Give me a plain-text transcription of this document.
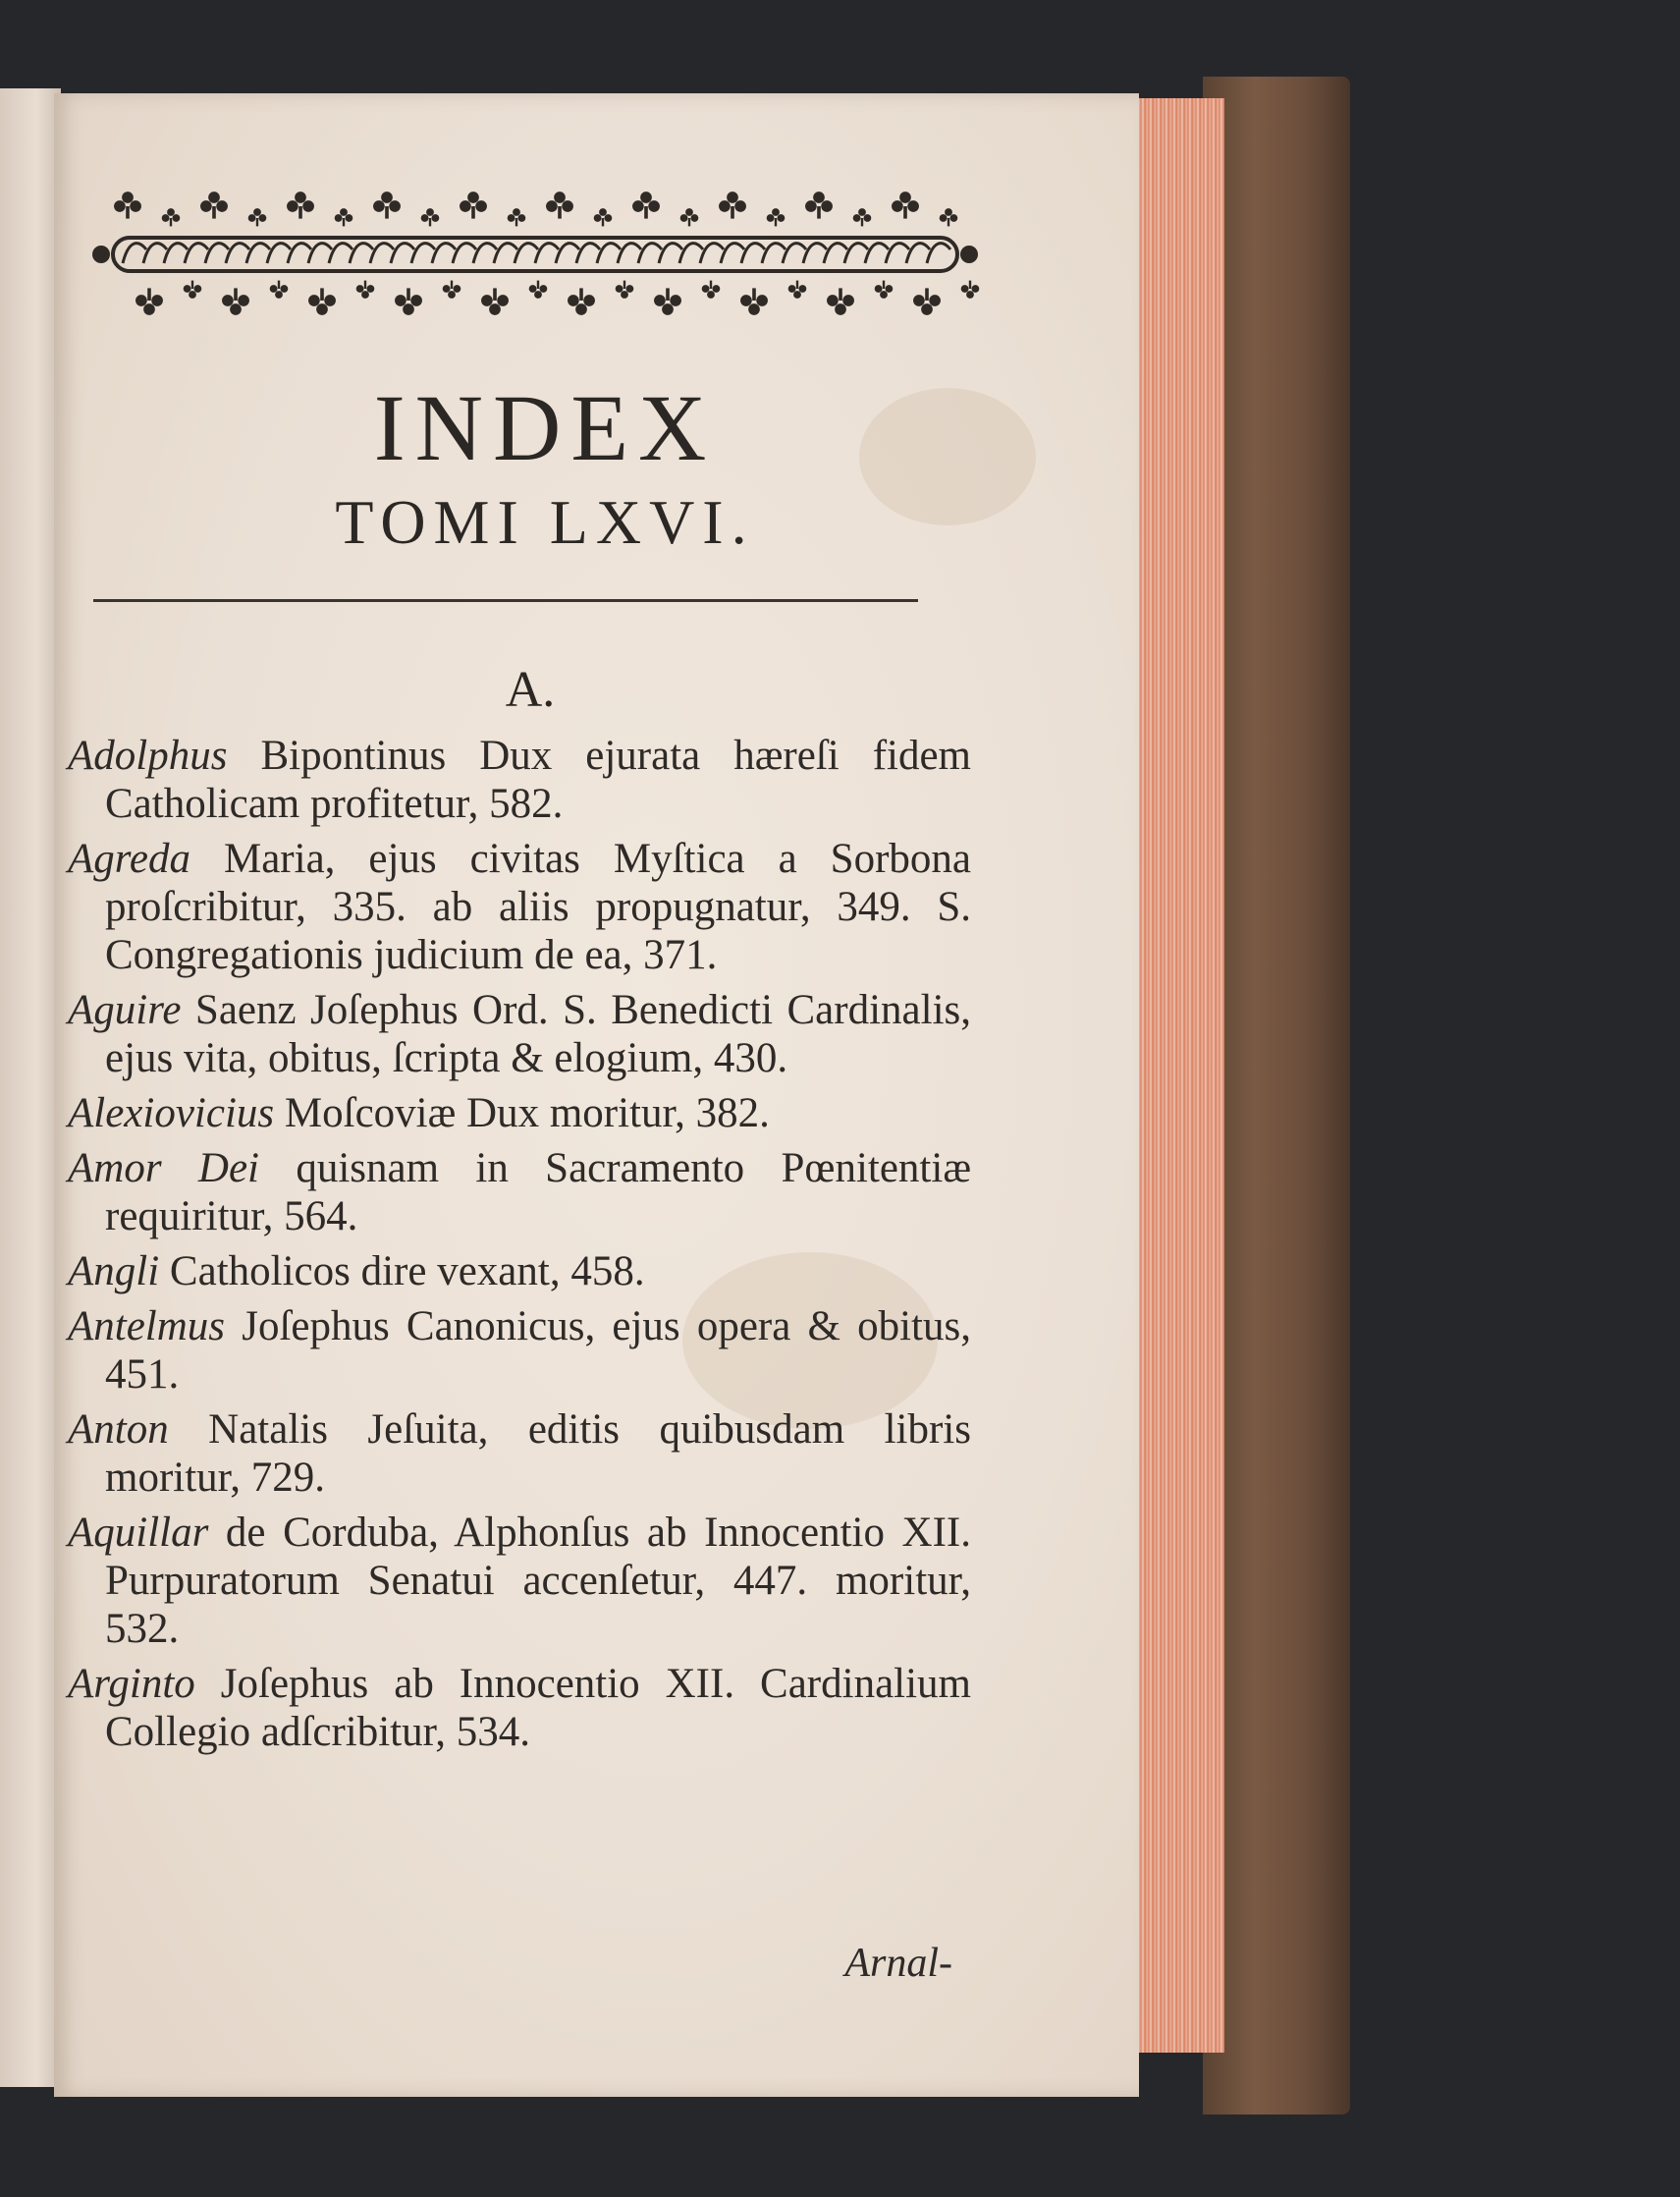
INDEX
TOMI LXVI.
A.
Adolphus Bipontinus Dux ejurata hæreſi fidem Catholicam profitetur, 582.
Agreda Maria, ejus civitas Myſtica a Sorbona proſcribitur, 335. ab aliis propugnatur, 349. S. Congregationis judicium de ea, 371.
Aguire Saenz Joſephus Ord. S. Benedicti Cardinalis, ejus vita, obitus, ſcripta & elogium, 430.
Alexiovicius Moſcoviæ Dux moritur, 382.
Amor Dei quisnam in Sacramento Pœnitentiæ requiritur, 564.
Angli Catholicos dire vexant, 458.
Antelmus Joſephus Canonicus, ejus opera & obitus, 451.
Anton Natalis Jeſuita, editis quibusdam libris moritur, 729.
Aquillar de Corduba, Alphonſus ab Innocentio XII. Purpuratorum Senatui accenſetur, 447. moritur, 532.
Arginto Joſephus ab Innocentio XII. Cardinalium Collegio adſcribitur, 534.
Arnal-
